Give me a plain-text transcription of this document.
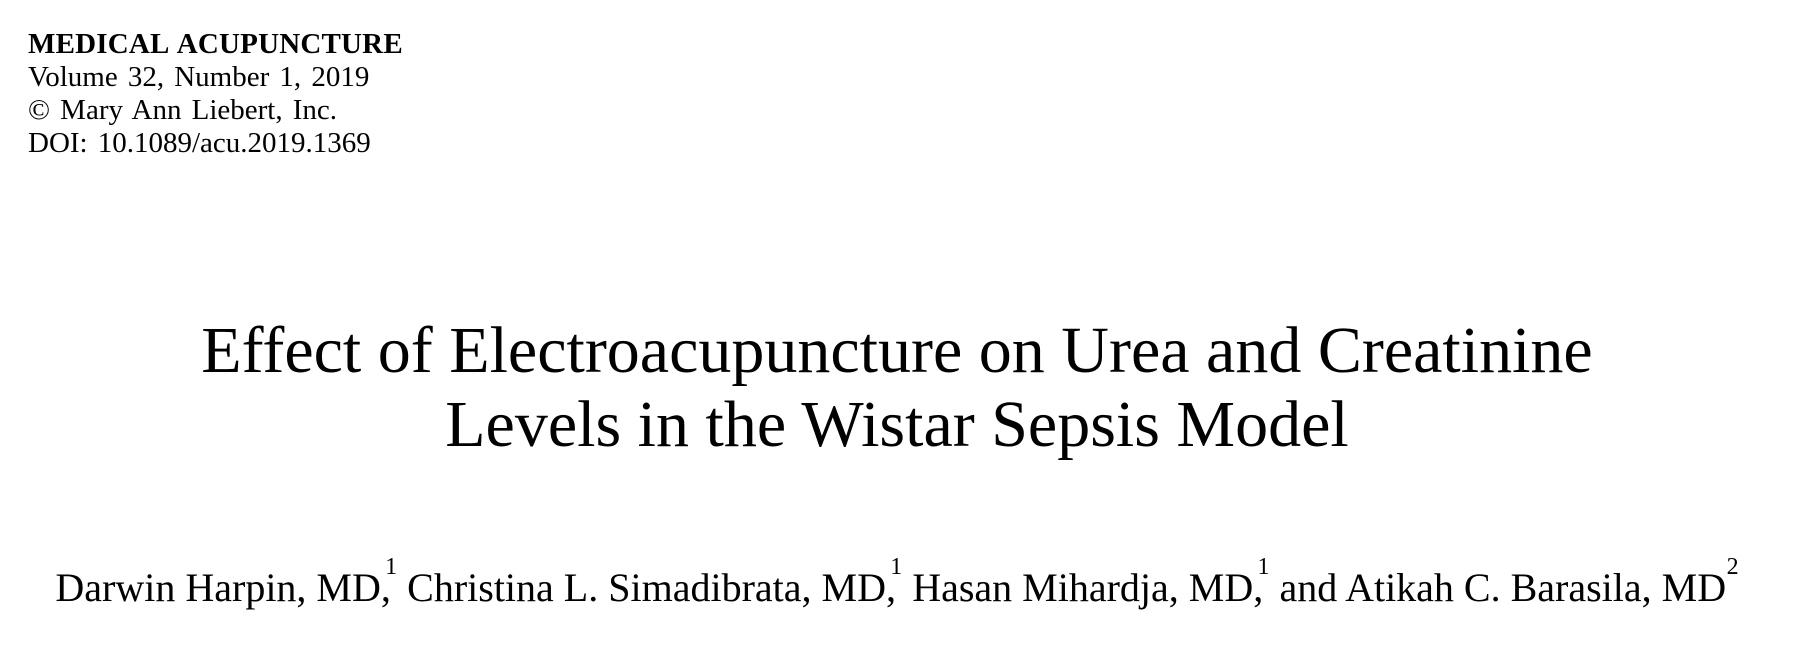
MEDICAL ACUPUNCTURE
Volume 32, Number 1, 2019
© Mary Ann Liebert, Inc.
DOI: 10.1089/acu.2019.1369
Effect of Electroacupuncture on Urea and Creatinine
Levels in the Wistar Sepsis Model
Darwin Harpin, MD,$^1$ Christina L. Simadibrata, MD,$^1$ Hasan Mihardja, MD,$^1$ and Atikah C. Barasila, $MD^2$
